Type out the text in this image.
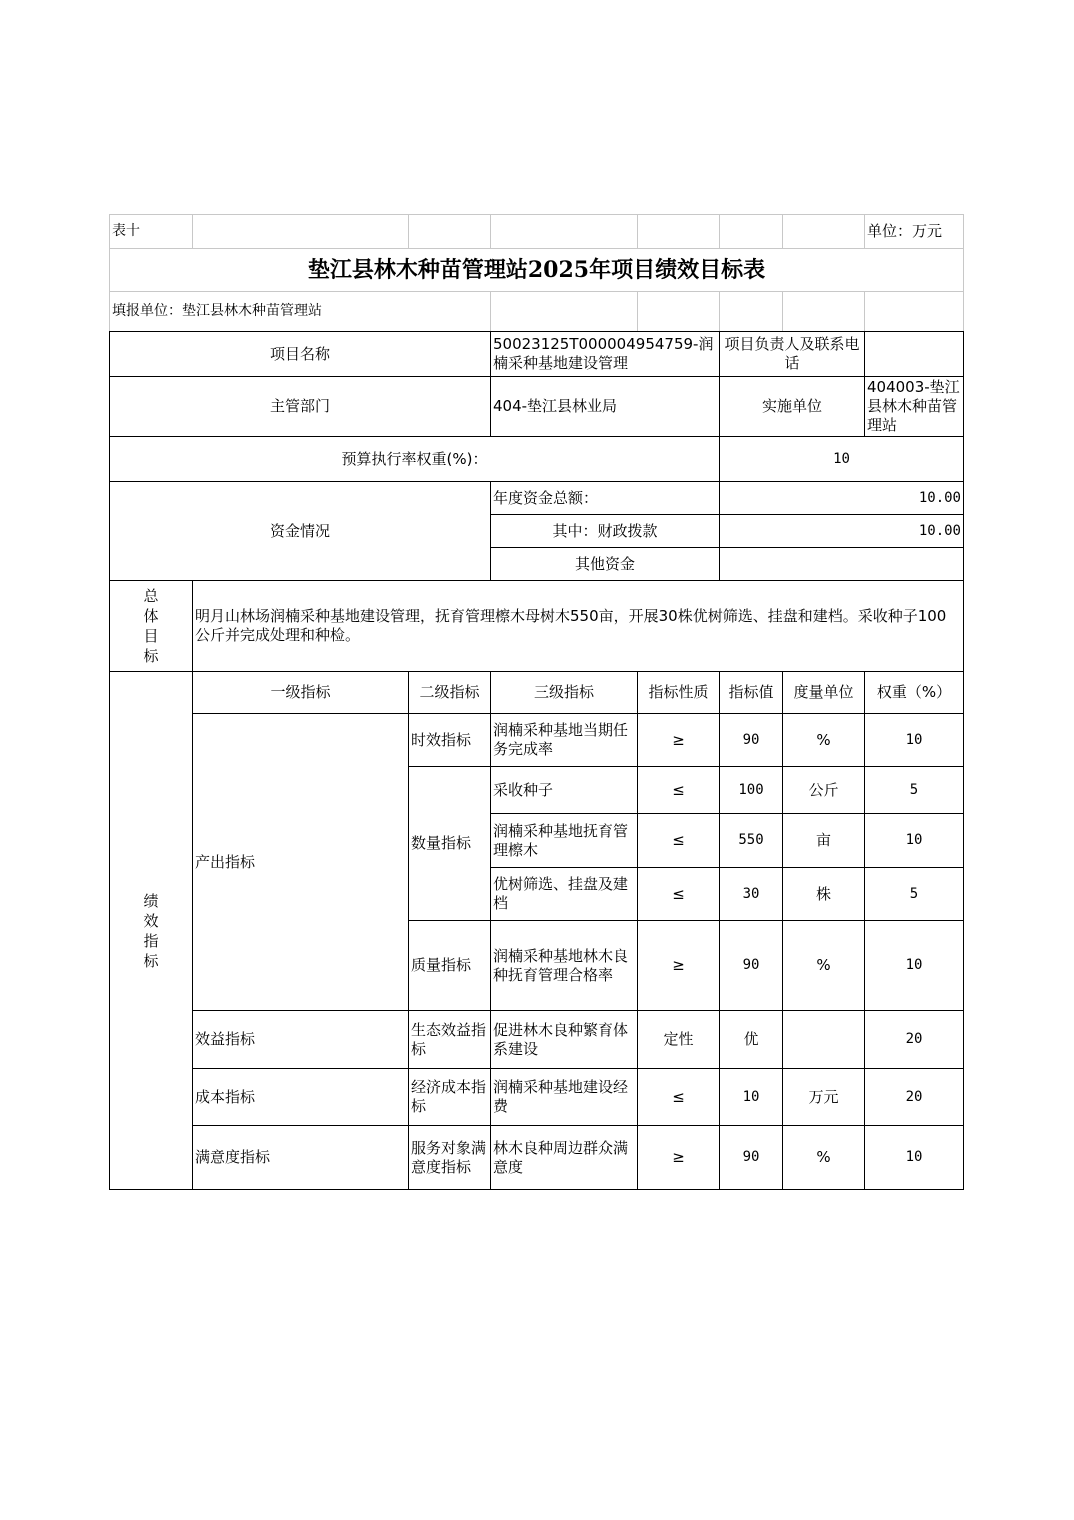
表十							单位：万元
垫江县林木种苗管理站2025年项目绩效目标表							
填报单位：垫江县林木种苗管理站							
项目名称			50023125T000004954759-润楠采种基地建设管理		项目负责人及联系电话		
主管部门			404-垫江县林业局		实施单位		404003-垫江县林木种苗管理站
预算执行率权重(%)：					10		
资金情况			年度资金总额：		10.00		
			其中：财政拨款		10.00		
			其他资金				

总
体
目
标	明月山林场润楠采种基地建设管理，抚育管理檫木母树木550亩，开展30株优树筛选、挂盘和建档。采收种子100公斤并完成处理和种检。						

绩
效
指
标	一级指标	二级指标	三级指标	指标性质	指标值	度量单位	权重（%）
	产出指标	时效指标	润楠采种基地当期任务完成率	≥	90	%	10
		数量指标	采收种子	≤	100	公斤	5
			润楠采种基地抚育管理檫木	≤	550	亩	10
			优树筛选、挂盘及建档	≤	30	株	5
		质量指标	润楠采种基地林木良种抚育管理合格率	≥	90	%	10
	效益指标	生态效益指标	促进林木良种繁育体系建设	定性	优		20
	成本指标	经济成本指标	润楠采种基地建设经费	≤	10	万元	20
	满意度指标	服务对象满意度指标	林木良种周边群众满意度	≥	90	%	10
